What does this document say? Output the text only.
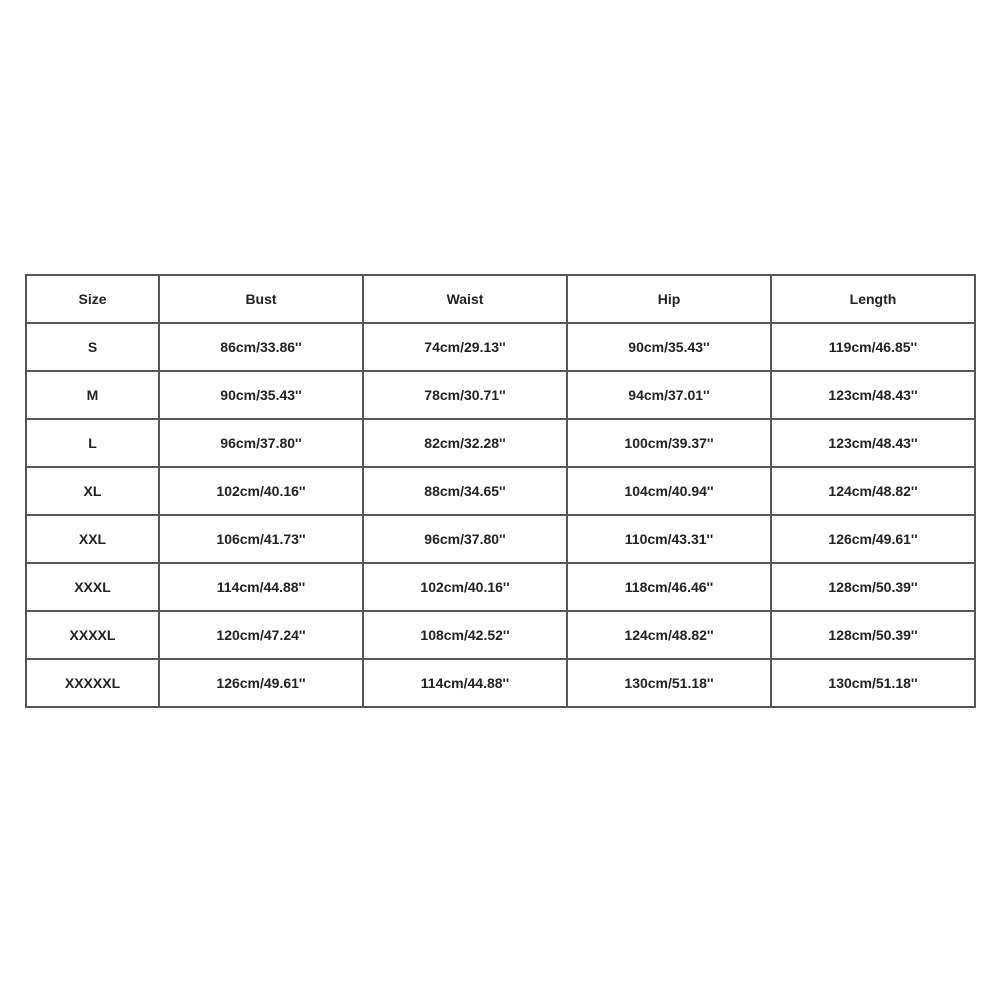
Size	Bust	Waist	Hip	Length
S	86cm/33.86''	74cm/29.13''	90cm/35.43''	119cm/46.85''
M	90cm/35.43''	78cm/30.71''	94cm/37.01''	123cm/48.43''
L	96cm/37.80''	82cm/32.28''	100cm/39.37''	123cm/48.43''
XL	102cm/40.16''	88cm/34.65''	104cm/40.94''	124cm/48.82''
XXL	106cm/41.73''	96cm/37.80''	110cm/43.31''	126cm/49.61''
XXXL	114cm/44.88''	102cm/40.16''	118cm/46.46''	128cm/50.39''
XXXXL	120cm/47.24''	108cm/42.52''	124cm/48.82''	128cm/50.39''
XXXXXL	126cm/49.61''	114cm/44.88''	130cm/51.18''	130cm/51.18''
